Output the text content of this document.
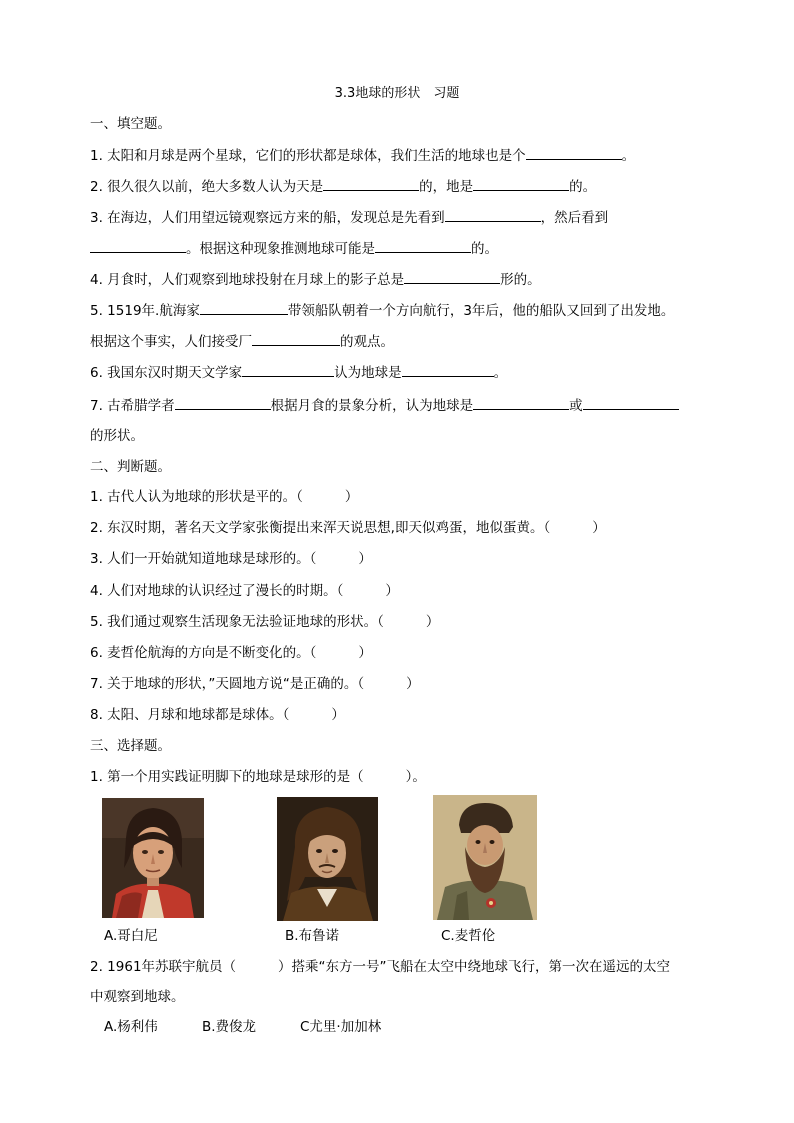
3.3地球的形状　习题
一、填空题。
1. 太阳和月球是两个星球，它们的形状都是球体，我们生活的地球也是个	。
2. 很久很久以前，绝大多数人认为天是	的，地是	的。
3. 在海边，人们用望远镜观察远方来的船，发现总是先看到	，然后看到
。根据这种现象推测地球可能是	的。
4. 月食时，人们观察到地球投射在月球上的影子总是	形的。
5. 1519年.航海家	带领船队朝着一个方向航行，3年后，他的船队又回到了出发地。
根据这个事实，人们接受厂	的观点。
6. 我国东汉时期天文学家	认为地球是	。
7. 古希腊学者	根据月食的景象分析，认为地球是	或
的形状。
二、判断题。
1. 古代人认为地球的形状是平的。（	）
2. 东汉时期，著名天文学家张衡提出来浑天说思想,即天似鸡蛋，地似蛋黄。（	）
3. 人们一开始就知道地球是球形的。（	）
4. 人们对地球的认识经过了漫长的时期。（	）
5. 我们通过观察生活现象无法验证地球的形状。（	）
6. 麦哲伦航海的方向是不断变化的。（	）
7. 关于地球的形状，”天圆地方说“是正确的。（	）
8. 太阳、月球和地球都是球体。（	）
三、选择题。
1. 第一个用实践证明脚下的地球是球形的是（	）。
A.哥白尼	B.布鲁诺	C.麦哲伦
2. 1961年苏联宇航员（	）搭乘“东方一号”飞船在太空中绕地球飞行，第一次在遥远的太空
中观察到地球。
A.杨利伟	B.费俊龙	C尤里·加加林
